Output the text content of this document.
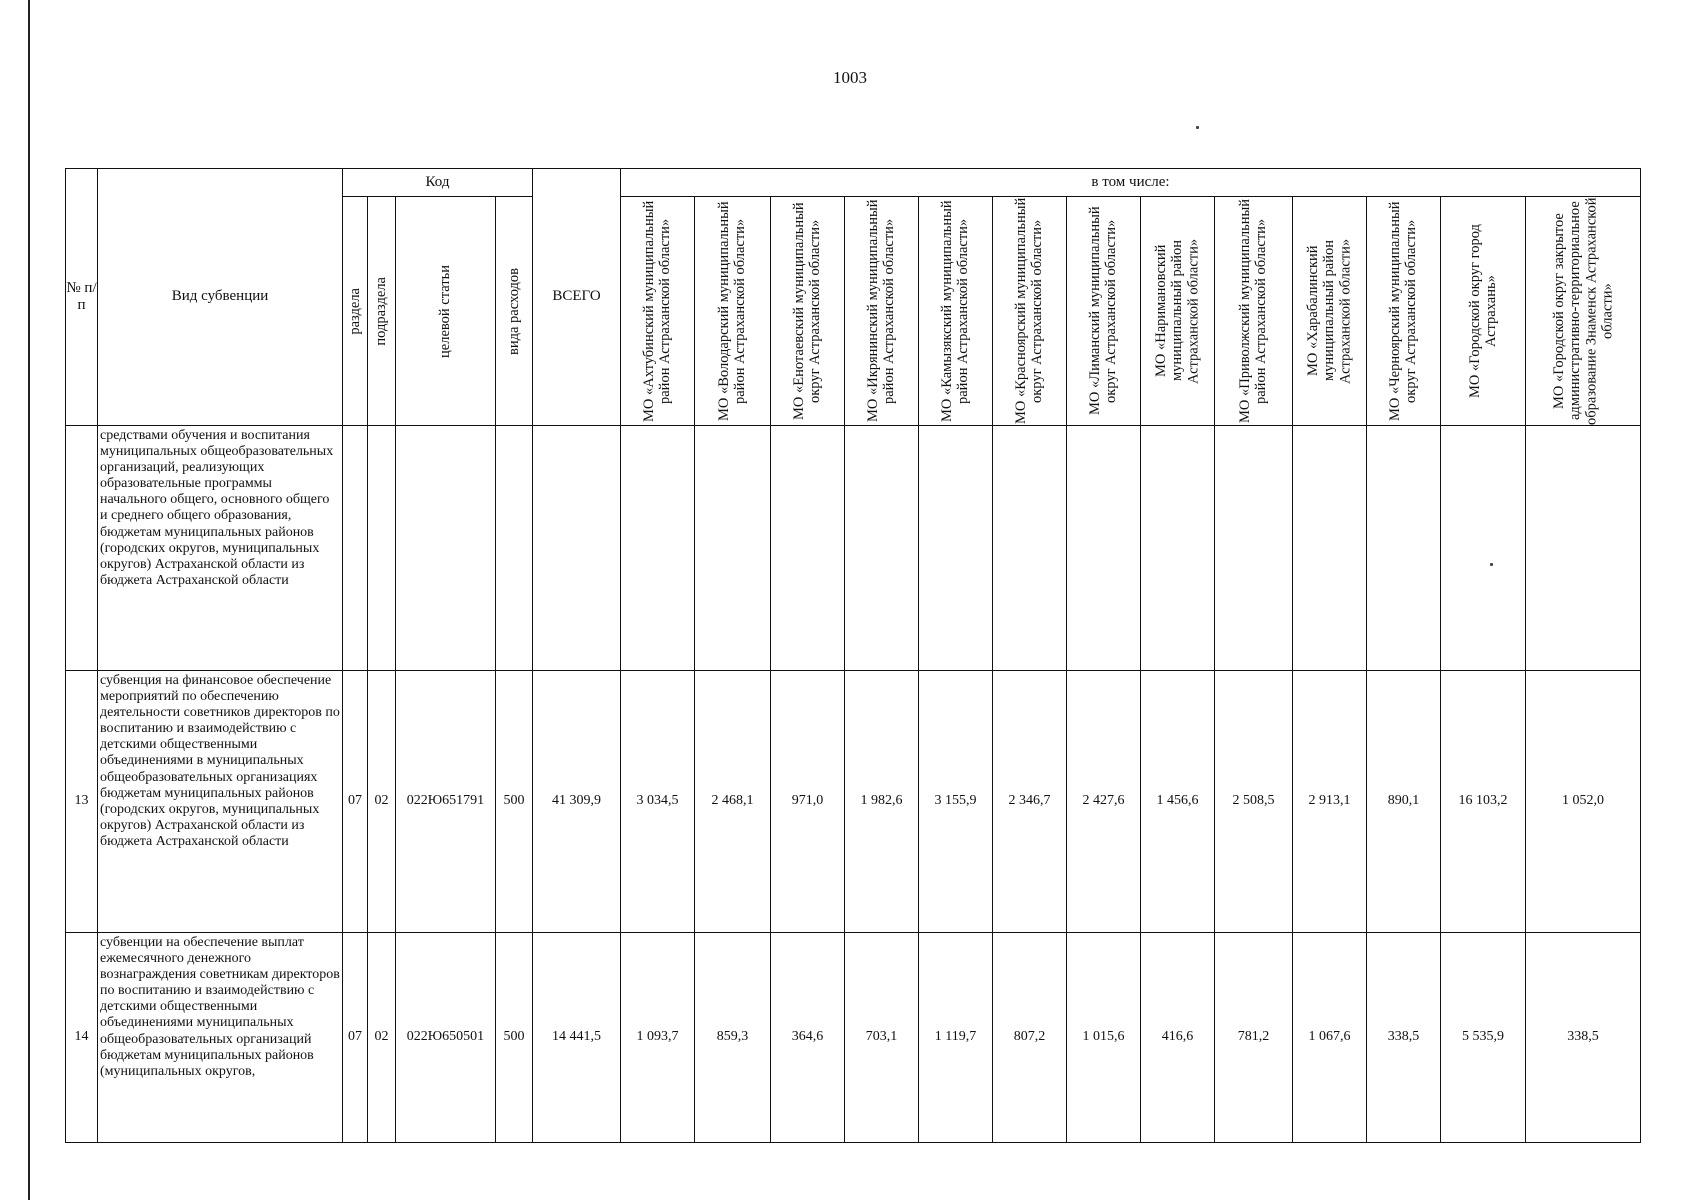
1003
№ п/п	Вид субвенции	Код				ВСЕГО	в том числе:												

		раздела	подраздела	целевой статьи	вида расходов		МО «Ахтубинский муниципальный район Астраханской области»	МО «Володарский муниципальный район Астраханской области»	МО «Енотаевский муниципальный округ Астраханской области»	МО «Икрянинский муниципальный район Астраханской области»	МО «Камызякский муниципальный район Астраханской области»	МО «Красноярский муниципальный округ Астраханской области»	МО «Лиманский муниципальный округ Астраханской области»	МО «Наримановский муниципальный район Астраханской области»	МО «Приволжский муниципальный район Астраханской области»	МО «Харабалинский муниципальный район Астраханской области»	МО «Черноярский муниципальный округ Астраханской области»	МО «Городской округ город Астрахань»	МО «Городской округ закрытое административно-территориальное образование Знаменск Астраханской области»

	средствами обучения и воспитания муниципальных общеобразовательных организаций, реализующих образовательные программы начального общего, основного общего и среднего общего образования, бюджетам муниципальных районов (городских округов, муниципальных округов) Астраханской области из бюджета Астраханской области																		
13	субвенция на финансовое обеспечение мероприятий по обеспечению деятельности советников директоров по воспитанию и взаимодействию с детскими общественными объединениями в муниципальных общеобразовательных организациях бюджетам муниципальных районов (городских округов, муниципальных округов) Астраханской области из бюджета Астраханской области	07	02	022Ю651791	500	41 309,9	3 034,5	2 468,1	971,0	1 982,6	3 155,9	2 346,7	2 427,6	1 456,6	2 508,5	2 913,1	890,1	16 103,2	1 052,0
14	субвенции на обеспечение выплат ежемесячного денежного вознаграждения советникам директоров по воспитанию и взаимодействию с детскими общественными объединениями муниципальных общеобразовательных организаций бюджетам муниципальных районов (муниципальных округов,	07	02	022Ю650501	500	14 441,5	1 093,7	859,3	364,6	703,1	1 119,7	807,2	1 015,6	416,6	781,2	1 067,6	338,5	5 535,9	338,5
